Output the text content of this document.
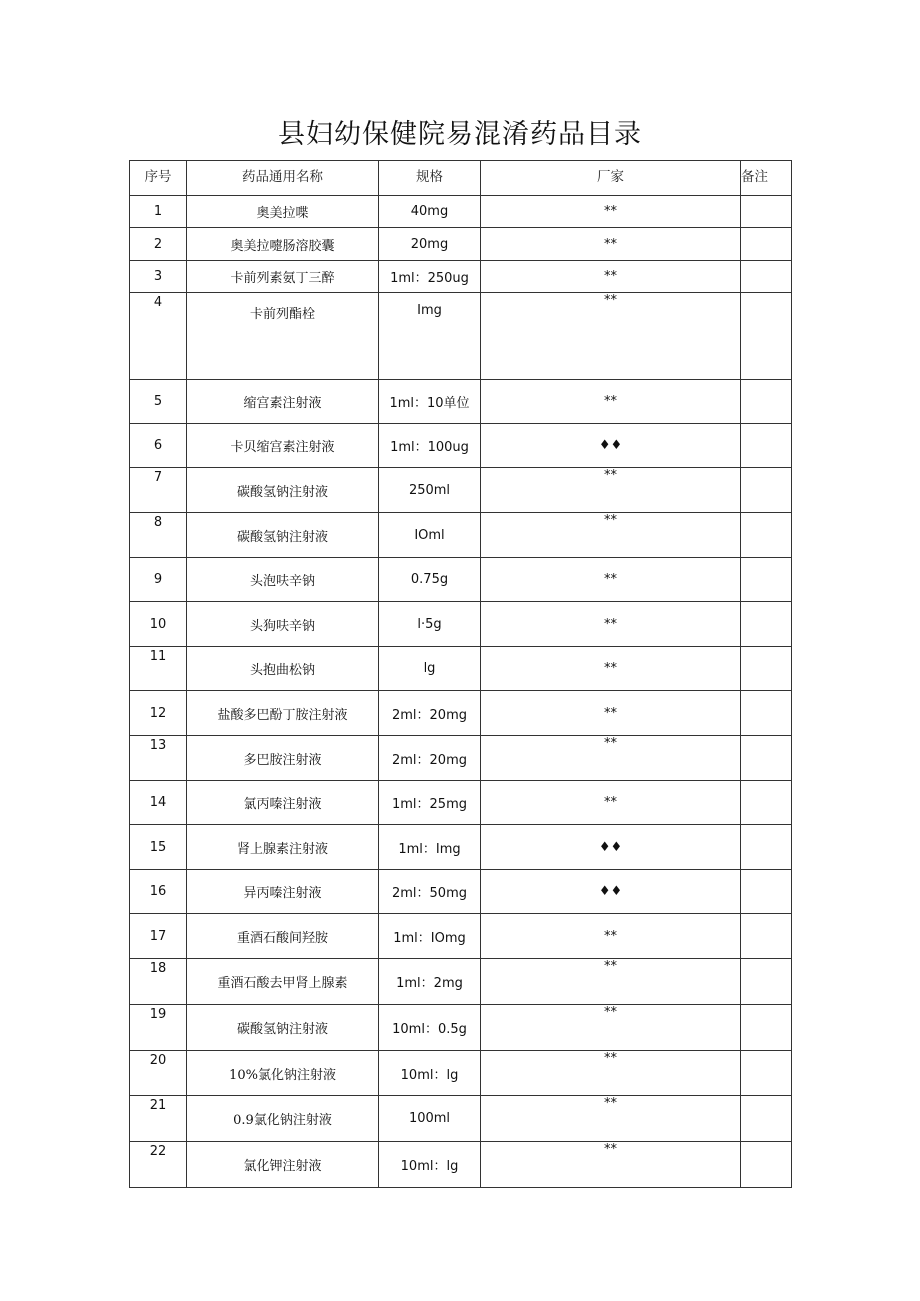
县妇幼保健院易混淆药品目录
序号	药品通用名称	规格	厂家	备注
1	奥美拉喋	40mg	**	
2	奥美拉嚏肠溶胶囊	20mg	**	
3	卡前列素氨丁三醉	1ml：250ug	**	
4	卡前列酯栓	Img	**	
5	缩宫素注射液	1ml：10单位	**	
6	卡贝缩宫素注射液	1ml：100ug	♦♦	
7	碳酸氢钠注射液	250ml	**	
8	碳酸氢钠注射液	IOml	**	
9	头泡呋辛钠	0.75g	**	
10	头狗呋辛钠	l·5g	**	
11	头抱曲松钠	lg	**	
12	盐酸多巴酚丁胺注射液	2ml：20mg	**	
13	多巴胺注射液	2ml：20mg	**	
14	氯丙嗪注射液	1ml：25mg	**	
15	肾上腺素注射液	1ml：Img	♦♦	
16	异丙嗪注射液	2ml：50mg	♦♦	
17	重酒石酸间羟胺	1ml：IOmg	**	
18	重酒石酸去甲肾上腺素	1ml：2mg	**	
19	碳酸氢钠注射液	10ml：0.5g	**	
20	10%氯化钠注射液	10ml：lg	**	
21	0.9氯化钠注射液	100ml	**	
22	氯化钾注射液	10ml：lg	**	
